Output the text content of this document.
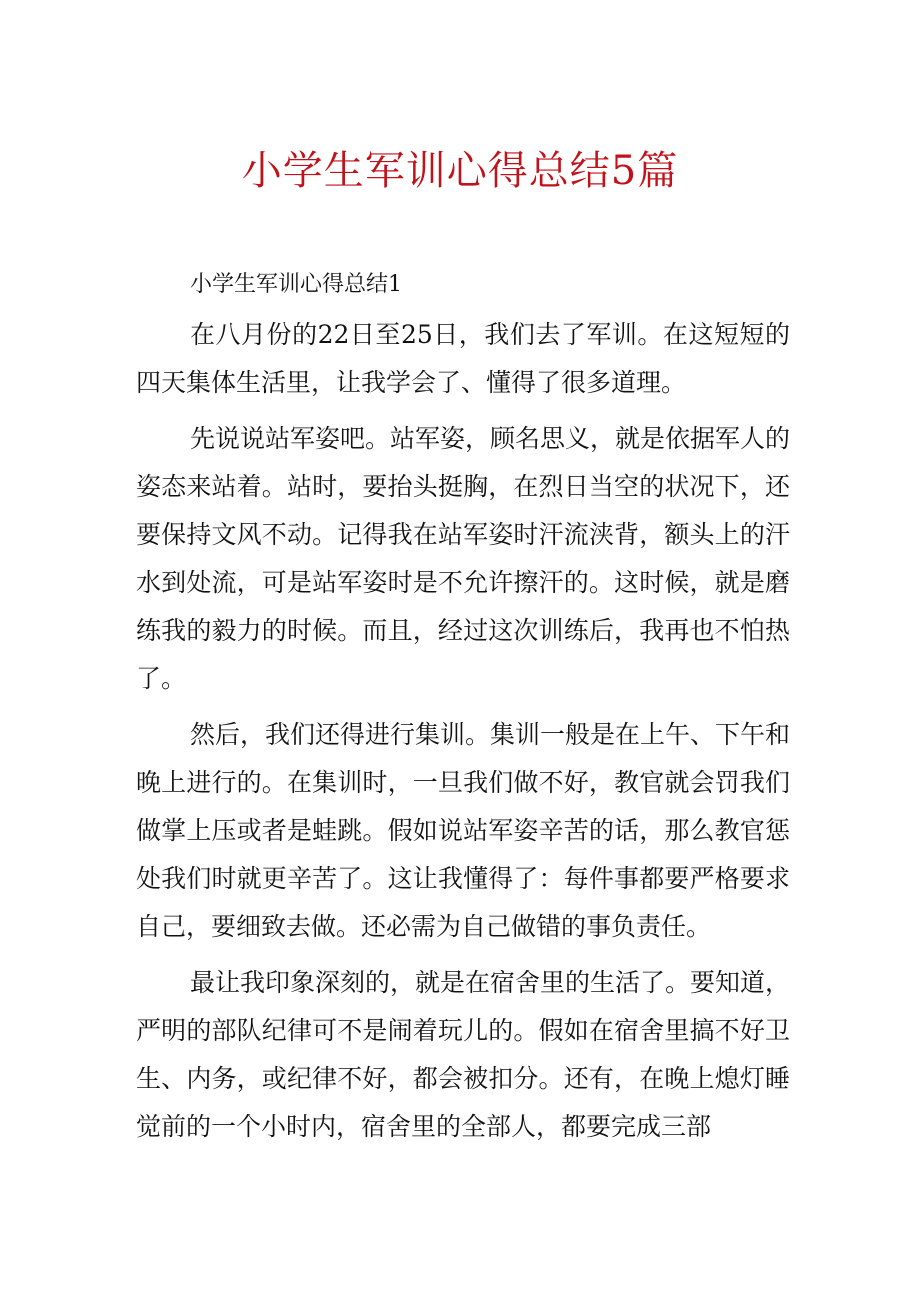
小学生军训心得总结5篇

小学生军训心得总结1

在八月份的22日至25日，我们去了军训。在这短短的四天集体生活里，让我学会了、懂得了很多道理。

先说说站军姿吧。站军姿，顾名思义，就是依据军人的姿态来站着。站时，要抬头挺胸，在烈日当空的状况下，还要保持文风不动。记得我在站军姿时汗流浃背，额头上的汗水到处流，可是站军姿时是不允许擦汗的。这时候，就是磨练我的毅力的时候。而且，经过这次训练后，我再也不怕热了。

然后，我们还得进行集训。集训一般是在上午、下午和晚上进行的。在集训时，一旦我们做不好，教官就会罚我们做掌上压或者是蛙跳。假如说站军姿辛苦的话，那么教官惩处我们时就更辛苦了。这让我懂得了：每件事都要严格要求自己，要细致去做。还必需为自己做错的事负责任。

最让我印象深刻的，就是在宿舍里的生活了。要知道，严明的部队纪律可不是闹着玩儿的。假如在宿舍里搞不好卫生、内务，或纪律不好，都会被扣分。还有，在晚上熄灯睡觉前的一个小时内，宿舍里的全部人，都要完成三部
